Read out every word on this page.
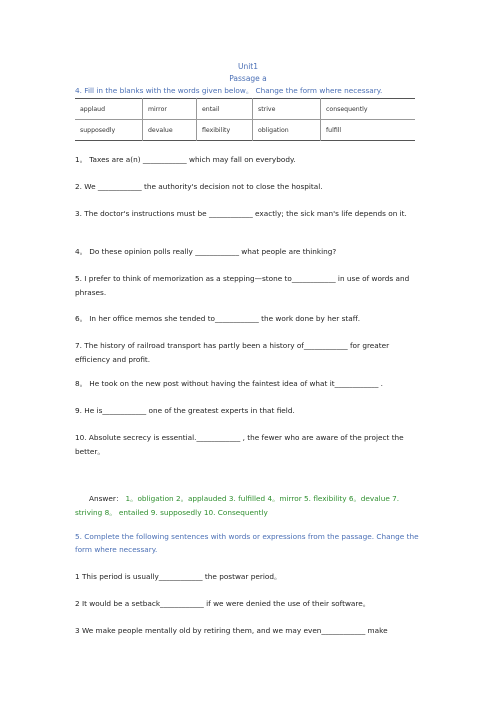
Unit1
Passage a
4. Fill in the blanks with the words given below。 Change the form where necessary.
applaud	mirror	entail	strive	consequently
supposedly	devalue	flexibility	obligation	fulfill
1。 Taxes are a(n) ____________ which may fall on everybody.
2. We ____________ the authority's decision not to close the hospital.
3. The doctor's instructions must be ____________ exactly; the sick man's life depends on it.
4。 Do these opinion polls really ____________ what people are thinking?
5. I prefer to think of memorization as a stepping—stone to____________ in use of words and phrases.
6。 In her office memos she tended to____________ the work done by her staff.
7. The history of railroad transport has partly been a history of____________ for greater efficiency and profit.
8。 He took on the new post without having the faintest idea of what it____________ .
9. He is____________ one of the greatest experts in that field.
10. Absolute secrecy is essential.____________ , the fewer who are aware of the project the better。
Answer： 1。obligation 2。applauded 3. fulfilled 4。mirror 5. flexibility 6。devalue 7. striving 8。 entailed 9. supposedly 10. Consequently
5. Complete the following sentences with words or expressions from the passage. Change the form where necessary.
1 This period is usually____________ the postwar period。
2 It would be a setback____________ if we were denied the use of their software。
3 We make people mentally old by retiring them, and we may even____________ make
